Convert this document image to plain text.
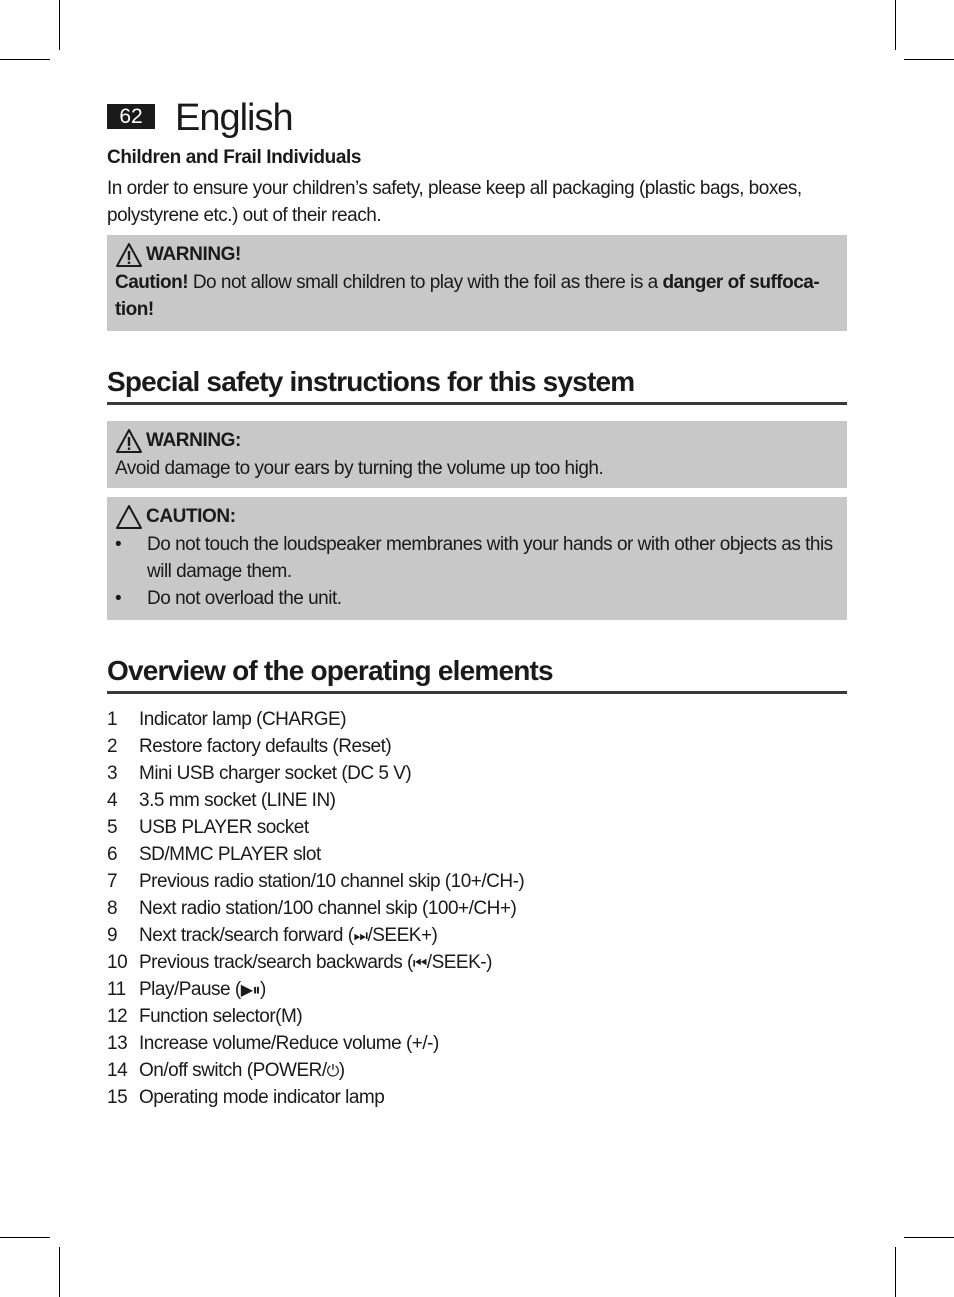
62 English
Children and Frail Individuals
In order to ensure your children’s safety, please keep all packaging (plastic bags, boxes, polystyrene etc.) out of their reach.
WARNING!
Caution! Do not allow small children to play with the foil as there is a danger of suffoca-tion!
Special safety instructions for this system
WARNING:
Avoid damage to your ears by turning the volume up too high.
CAUTION:
•	Do not touch the loudspeaker membranes with your hands or with other objects as this will damage them.
•	Do not overload the unit.
Overview of the operating elements
1	Indicator lamp (CHARGE)
2	Restore factory defaults (Reset)
3	Mini USB charger socket (DC 5 V)
4	3.5 mm socket (LINE IN)
5	USB PLAYER socket
6	SD/MMC PLAYER slot
7	Previous radio station/10 channel skip (10+/CH-)
8	Next radio station/100 channel skip (100+/CH+)
9	Next track/search forward (⏭/SEEK+)
10 Previous track/search backwards (⏮/SEEK-)
11 Play/Pause (▶⏸)
12 Function selector(M)
13 Increase volume/Reduce volume (+/-)
14 On/off switch (POWER/⏻)
15 Operating mode indicator lamp
